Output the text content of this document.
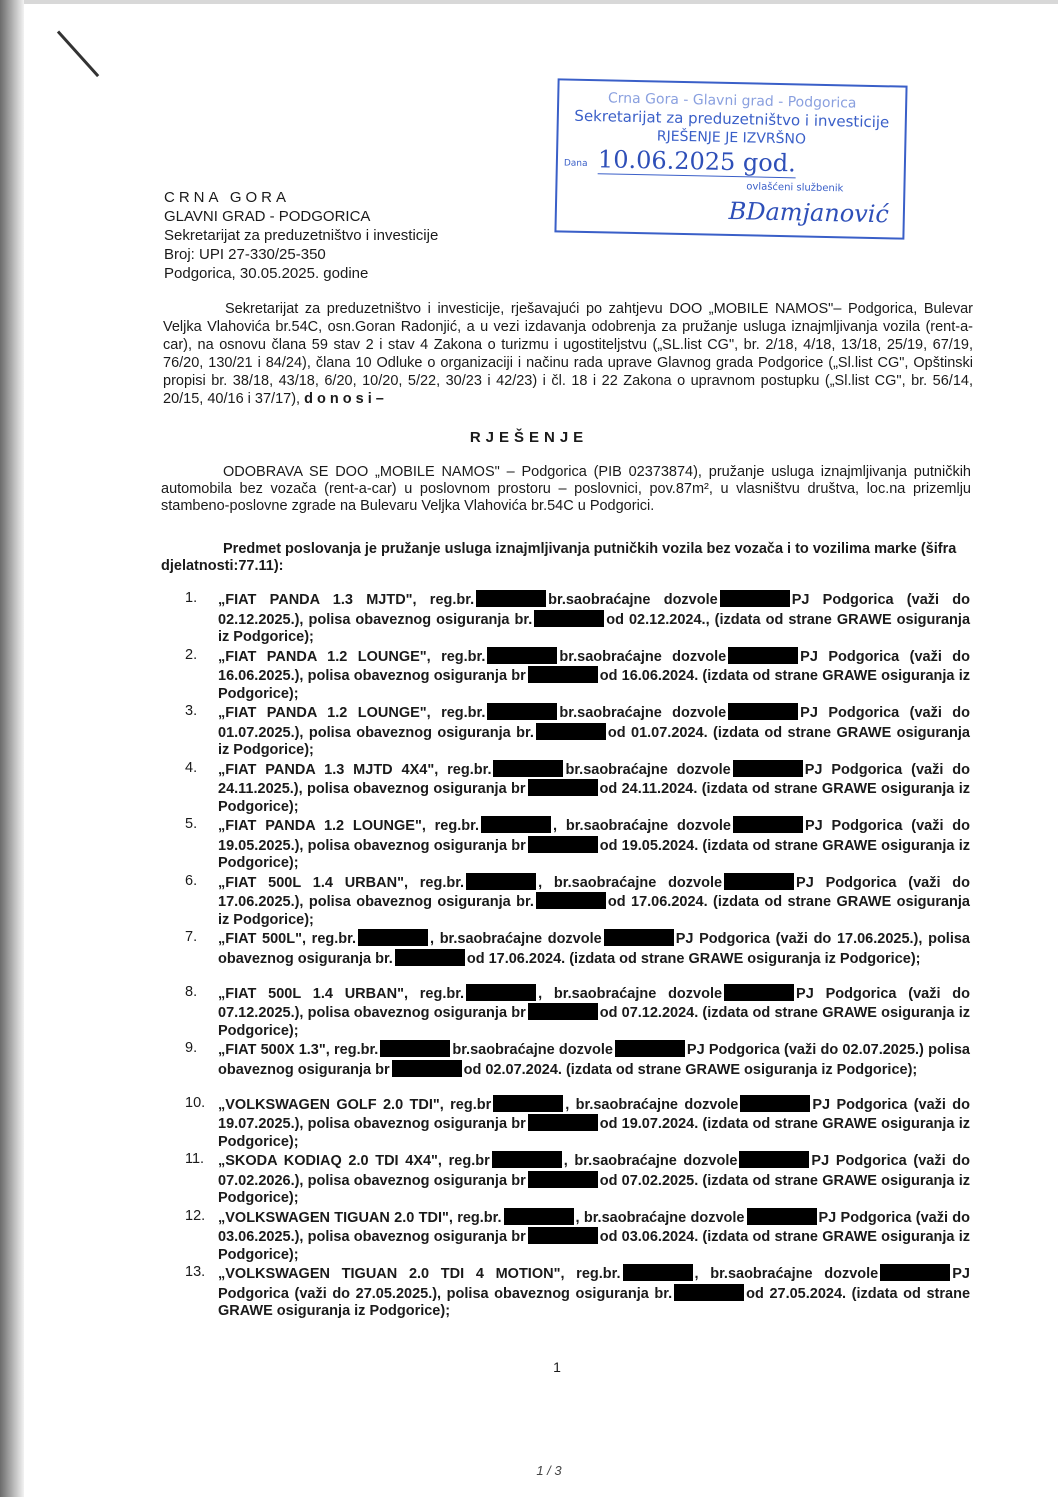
Crna Gora - Glavni grad - Podgorica
Sekretarijat za preduzetništvo i investicije
RJEŠENJE JE IZVRŠNO
Dana 10.06.2025 god.
ovlašćeni službenik
BDamjanović
CRNA GORA
GLAVNI GRAD - PODGORICA
Sekretarijat za preduzetništvo i investicije
Broj: UPI 27-330/25-350
Podgorica, 30.05.2025. godine
Sekretarijat za preduzetništvo i investicije, rješavajući po zahtjevu DOO „MOBILE NAMOS"– Podgorica, Bulevar Veljka Vlahovića br.54C, osn.Goran Radonjić, a u vezi izdavanja odobrenja za pružanje usluga iznajmljivanja vozila (rent-a-car), na osnovu člana 59 stav 2 i stav 4 Zakona o turizmu i ugostiteljstvu („SL.list CG", br. 2/18, 4/18, 13/18, 25/19, 67/19, 76/20, 130/21 i 84/24), člana 10 Odluke o organizaciji i načinu rada uprave Glavnog grada Podgorice („Sl.list CG", Opštinski propisi br. 38/18, 43/18, 6/20, 10/20, 5/22, 30/23 i 42/23) i čl. 18 i 22 Zakona o upravnom postupku („Sl.list CG", br. 56/14, 20/15, 40/16 i 37/17), d o n o s i –
RJEŠENJE
ODOBRAVA SE DOO „MOBILE NAMOS" – Podgorica (PIB 02373874), pružanje usluga iznajmljivanja putničkih automobila bez vozača (rent-a-car) u poslovnom prostoru – poslovnici, pov.87m², u vlasništvu društva, loc.na prizemlju stambeno-poslovne zgrade na Bulevaru Veljka Vlahovića br.54C u Podgorici.
Predmet poslovanja je pružanje usluga iznajmljivanja putničkih vozila bez vozača i to vozilima marke (šifra djelatnosti:77.11):
1.	„FIAT PANDA 1.3 MJTD", reg.br.	br.saobraćajne dozvole	PJ Podgorica (važi do 02.12.2025.), polisa obaveznog osiguranja br.	od 02.12.2024., (izdata od strane GRAWE osiguranja iz Podgorice);
2.	„FIAT PANDA 1.2 LOUNGE", reg.br.	br.saobraćajne dozvole	PJ Podgorica (važi do 16.06.2025.), polisa obaveznog osiguranja br	od 16.06.2024. (izdata od strane GRAWE osiguranja iz Podgorice);
3.	„FIAT PANDA 1.2 LOUNGE", reg.br.	br.saobraćajne dozvole	PJ Podgorica (važi do 01.07.2025.), polisa obaveznog osiguranja br.	od 01.07.2024. (izdata od strane GRAWE osiguranja iz Podgorice);
4.	„FIAT PANDA 1.3 MJTD 4X4", reg.br.	br.saobraćajne dozvole	PJ Podgorica (važi do 24.11.2025.), polisa obaveznog osiguranja br	od 24.11.2024. (izdata od strane GRAWE osiguranja iz Podgorice);
5.	„FIAT PANDA 1.2 LOUNGE", reg.br.	, br.saobraćajne dozvole	PJ Podgorica (važi do 19.05.2025.), polisa obaveznog osiguranja br	od 19.05.2024. (izdata od strane GRAWE osiguranja iz Podgorice);
6.	„FIAT 500L 1.4 URBAN", reg.br.	, br.saobraćajne dozvole	PJ Podgorica (važi do 17.06.2025.), polisa obaveznog osiguranja br.	od 17.06.2024. (izdata od strane GRAWE osiguranja iz Podgorice);
7.	„FIAT 500L", reg.br.	, br.saobraćajne dozvole	PJ Podgorica (važi do 17.06.2025.), polisa obaveznog osiguranja br.	od 17.06.2024. (izdata od strane GRAWE osiguranja iz Podgorice);
8.	„FIAT 500L 1.4 URBAN", reg.br.	, br.saobraćajne dozvole	PJ Podgorica (važi do 07.12.2025.), polisa obaveznog osiguranja br	od 07.12.2024. (izdata od strane GRAWE osiguranja iz Podgorice);
9.	„FIAT 500X 1.3", reg.br.	br.saobraćajne dozvole	PJ Podgorica (važi do 02.07.2025.) polisa obaveznog osiguranja br	od 02.07.2024. (izdata od strane GRAWE osiguranja iz Podgorice);
10. „VOLKSWAGEN GOLF 2.0 TDI", reg.br	, br.saobraćajne dozvole	PJ Podgorica (važi do 19.07.2025.), polisa obaveznog osiguranja br	od 19.07.2024. (izdata od strane GRAWE osiguranja iz Podgorice);
11. „SKODA KODIAQ 2.0 TDI 4X4", reg.br	, br.saobraćajne dozvole	PJ Podgorica (važi do 07.02.2026.), polisa obaveznog osiguranja br	od 07.02.2025. (izdata od strane GRAWE osiguranja iz Podgorice);
12. „VOLKSWAGEN TIGUAN 2.0 TDI", reg.br.	, br.saobraćajne dozvole	PJ Podgorica (važi do 03.06.2025.), polisa obaveznog osiguranja br	od 03.06.2024. (izdata od strane GRAWE osiguranja iz Podgorice);
13. „VOLKSWAGEN TIGUAN 2.0 TDI 4 MOTION", reg.br.	, br.saobraćajne dozvole	PJ Podgorica (važi do 27.05.2025.), polisa obaveznog osiguranja br.	od 27.05.2024. (izdata od strane GRAWE osiguranja iz Podgorice);
1
1 / 3
